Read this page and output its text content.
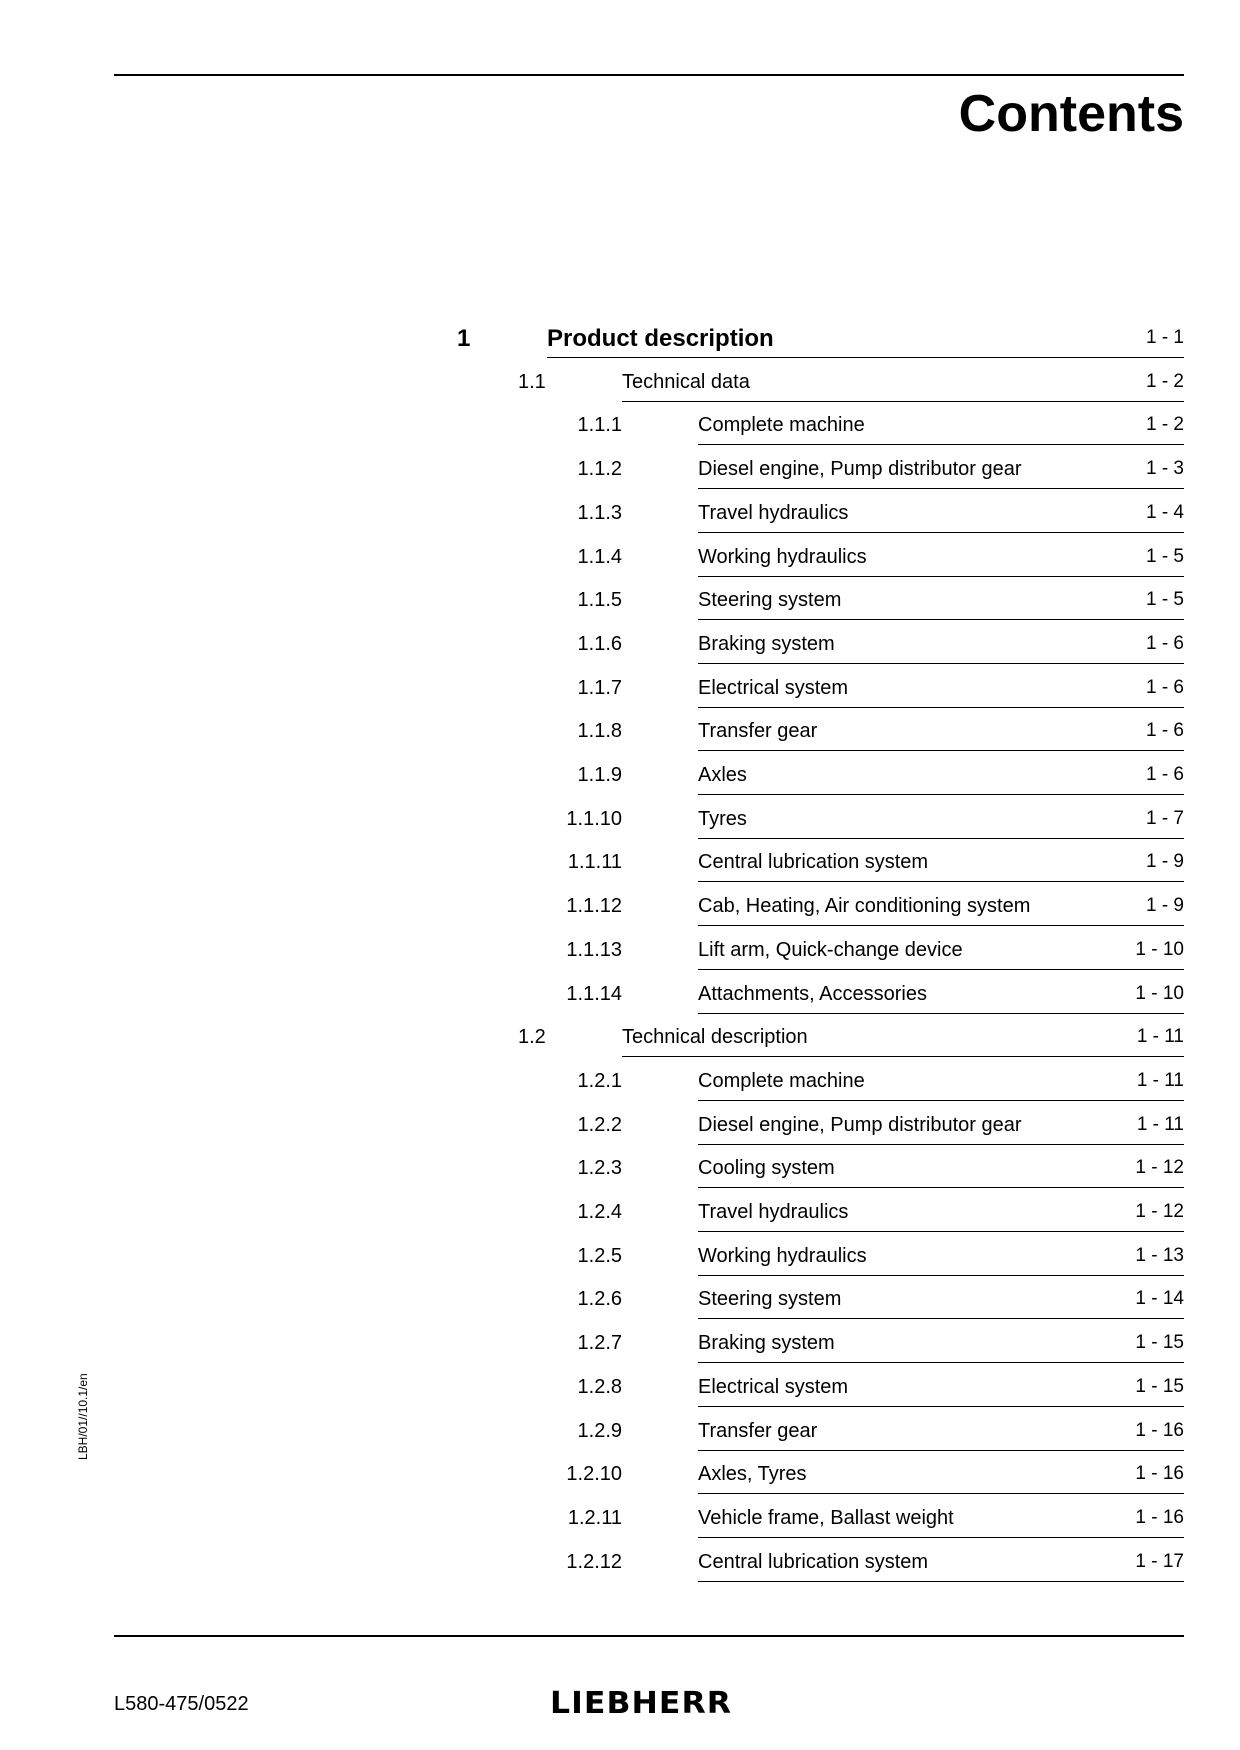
Contents
1	Product description	1 - 1
1.1	Technical data	1 - 2
1.1.1	Complete machine	1 - 2
1.1.2	Diesel engine, Pump distributor gear	1 - 3
1.1.3	Travel hydraulics	1 - 4
1.1.4	Working hydraulics	1 - 5
1.1.5	Steering system	1 - 5
1.1.6	Braking system	1 - 6
1.1.7	Electrical system	1 - 6
1.1.8	Transfer gear	1 - 6
1.1.9	Axles	1 - 6
1.1.10	Tyres	1 - 7
1.1.11	Central lubrication system	1 - 9
1.1.12	Cab, Heating, Air conditioning system	1 - 9
1.1.13	Lift arm, Quick-change device	1 - 10
1.1.14	Attachments, Accessories	1 - 10
1.2	Technical description	1 - 11
1.2.1	Complete machine	1 - 11
1.2.2	Diesel engine, Pump distributor gear	1 - 11
1.2.3	Cooling system	1 - 12
1.2.4	Travel hydraulics	1 - 12
1.2.5	Working hydraulics	1 - 13
1.2.6	Steering system	1 - 14
1.2.7	Braking system	1 - 15
1.2.8	Electrical system	1 - 15
1.2.9	Transfer gear	1 - 16
1.2.10	Axles, Tyres	1 - 16
1.2.11	Vehicle frame, Ballast weight	1 - 16
1.2.12	Central lubrication system	1 - 17
LBH/01//10.1/en
L580-475/0522	LIEBHERR
